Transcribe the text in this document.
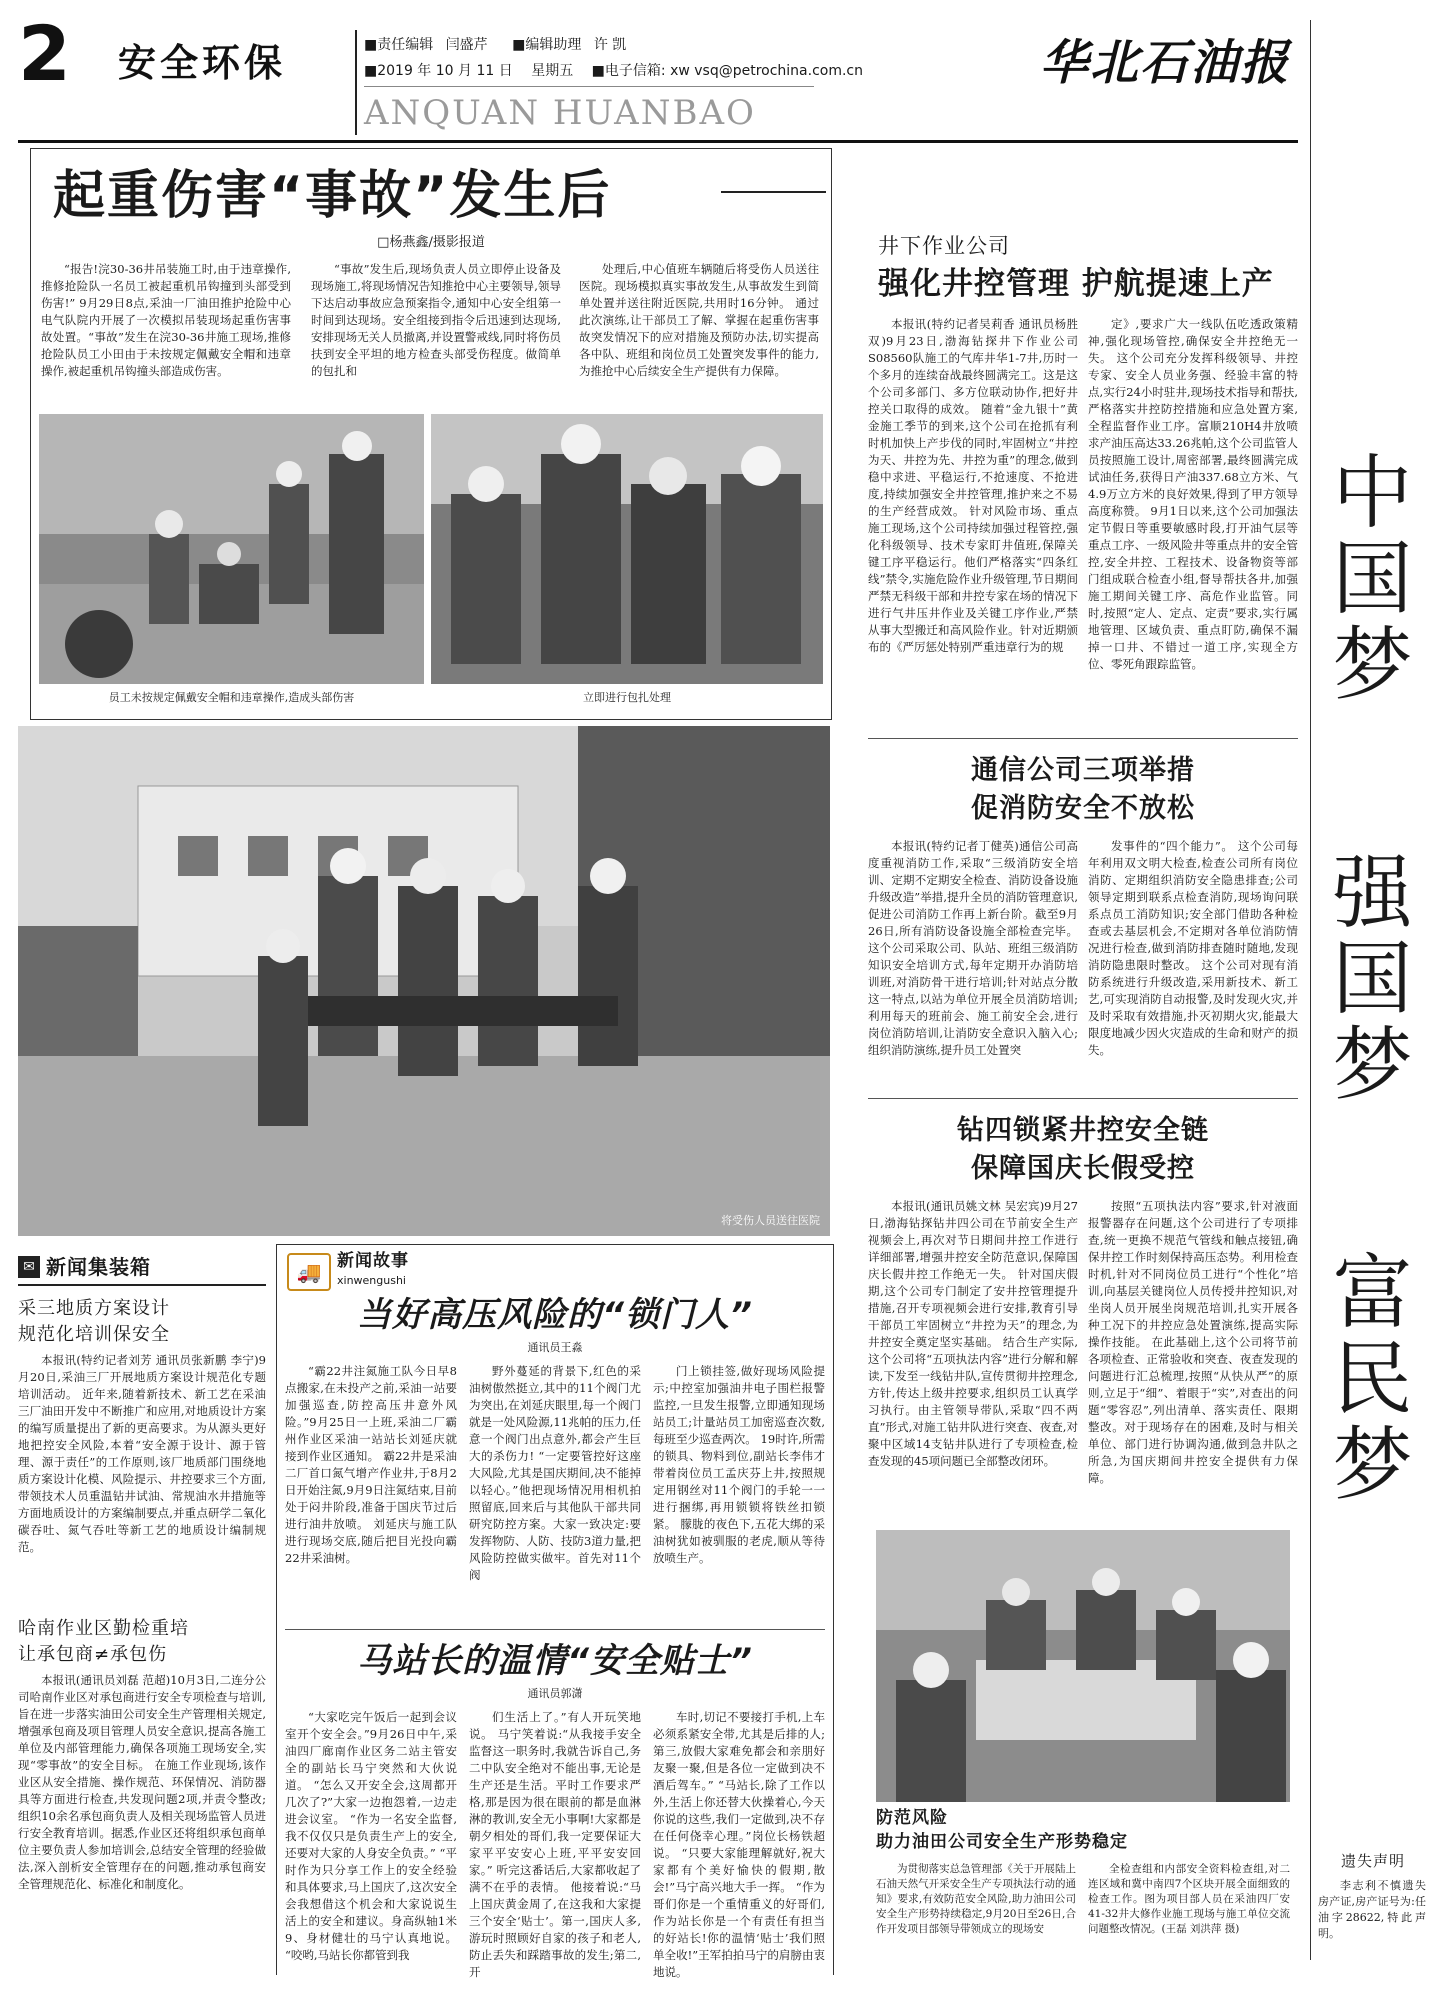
2	安全环保	■责任编辑 闫盛芹 ■编辑助理 许 凯
■2019 年 10 月 11 日 星期五 ■电子信箱: xw vsq@petrochina.com.cn
ANQUAN HUANBAO
华北石油报
起重伤害“事故”发生后
□杨燕鑫/摄影报道
“报告!浣30-36井吊装施工时,由于违章操作,推修抢险队一名员工被起重机吊钩撞到头部受到伤害!” 9月29日8点,采油一厂油田推护抢险中心电气队院内开展了一次模拟吊装现场起重伤害事故处置。“事故”发生在浣30-36井施工现场,推修抢险队员工小田由于未按规定佩戴安全帽和违章操作,被起重机吊钩撞头部造成伤害。
“事故”发生后,现场负责人员立即停止设备及现场施工,将现场情况告知推抢中心主要领导,领导下达启动事故应急预案指令,通知中心安全组第一时间到达现场。安全组接到指令后迅速到达现场,安排现场无关人员撤离,并设置警戒线,同时将伤员扶到安全平坦的地方检查头部受伤程度。做简单的包扎和
处理后,中心值班车辆随后将受伤人员送往医院。现场模拟真实事故发生,从事故发生到简单处置并送往附近医院,共用时16分钟。 通过此次演练,让干部员工了解、掌握在起重伤害事故突发情况下的应对措施及预防办法,切实提高各中队、班组和岗位员工处置突发事件的能力,为推抢中心后续安全生产提供有力保障。
员工未按规定佩戴安全帽和违章操作,造成头部伤害	立即进行包扎处理
将受伤人员送往医院
井下作业公司
强化井控管理 护航提速上产
本报讯(特约记者吴莉香 通讯员杨胜双)9月23日,渤海钻探井下作业公司S08560队施工的气库井华1-7井,历时一个多月的连续奋战最终圆满完工。这是这个公司多部门、多方位联动协作,把好井控关口取得的成效。 随着“金九银十”黄金施工季节的到来,这个公司在抢抓有利时机加快上产步伐的同时,牢固树立“井控为天、井控为先、井控为重”的理念,做到稳中求进、平稳运行,不抢速度、不抢进度,持续加强安全井控管理,推护来之不易的生产经营成效。 针对风险市场、重点施工现场,这个公司持续加强过程管控,强化科级领导、技术专家盯井值班,保障关键工序平稳运行。他们严格落实“四条红线”禁令,实施危险作业升级管理,节日期间严禁无科级干部和井控专家在场的情况下进行气井压井作业及关键工序作业,严禁从事大型搬迁和高风险作业。针对近期颁布的《严厉惩处特别严重违章行为的规
定》,要求广大一线队伍吃透政策精神,强化现场管控,确保安全井控绝无一失。 这个公司充分发挥科级领导、井控专家、安全人员业务强、经验丰富的特点,实行24小时驻井,现场技术指导和帮扶,严格落实井控防控措施和应急处置方案,全程监督作业工序。富顺210H4井放喷求产油压高达33.26兆帕,这个公司监管人员按照施工设计,周密部署,最终圆满完成试油任务,获得日产油337.68立方米、气4.9万立方米的良好效果,得到了甲方领导高度称赞。 9月1日以来,这个公司加强法定节假日等重要敏感时段,打开油气层等重点工序、一级风险井等重点井的安全管控,安全井控、工程技术、设备物资等部门组成联合检查小组,督导帮扶各井,加强施工期间关键工序、高危作业监管。同时,按照“定人、定点、定责”要求,实行属地管理、区域负责、重点盯防,确保不漏掉一口井、不错过一道工序,实现全方位、零死角跟踪监管。	中国梦
强国梦
富民梦
通信公司三项举措
促消防安全不放松
本报讯(特约记者丁健英)通信公司高度重视消防工作,采取“三级消防安全培训、定期不定期安全检查、消防设备设施升级改造”举措,提升全员的消防管理意识,促进公司消防工作再上新台阶。截至9月26日,所有消防设备设施全部检查完毕。 这个公司采取公司、队站、班组三级消防知识安全培训方式,每年定期开办消防培训班,对消防骨干进行培训;针对站点分散这一特点,以站为单位开展全员消防培训;利用每天的班前会、施工前安全会,进行岗位消防培训,让消防安全意识入脑入心;组织消防演练,提升员工处置突
发事件的“四个能力”。 这个公司每年利用双文明大检查,检查公司所有岗位消防、定期组织消防安全隐患排查;公司领导定期到联系点检查消防,现场询问联系点员工消防知识;安全部门借助各种检查或去基层机会,不定期对各单位消防情况进行检查,做到消防排查随时随地,发现消防隐患限时整改。 这个公司对现有消防系统进行升级改造,采用新技术、新工艺,可实现消防自动报警,及时发现火灾,并及时采取有效措施,扑灭初期火灾,能最大限度地减少因火灾造成的生命和财产的损失。
钻四锁紧井控安全链
保障国庆长假受控
本报讯(通讯员姚文林 吴宏宾)9月27日,渤海钻探钻井四公司在节前安全生产视频会上,再次对节日期间井控工作进行详细部署,增强井控安全防范意识,保障国庆长假井控工作绝无一失。 针对国庆假期,这个公司专门制定了安井控管理提升措施,召开专项视频会进行安排,教育引导干部员工牢固树立“井控为天”的理念,为井控安全奠定坚实基础。 结合生产实际,这个公司将“五项执法内容”进行分解和解读,下发至一线钻井队,宣传贯彻井控理念,方针,传达上级井控要求,组织员工认真学习执行。由主管领导带队,采取“四不两直”形式,对施工钻井队进行突查、夜查,对聚中区域14支钻井队进行了专项检查,检查发现的45项问题已全部整改闭环。
按照“五项执法内容”要求,针对液面报警器存在问题,这个公司进行了专项排查,统一更换不规范气管线和触点接钮,确保井控工作时刻保持高压态势。利用检查时机,针对不同岗位员工进行“个性化”培训,向基层关键岗位人员传授井控知识,对坐岗人员开展坐岗规范培训,扎实开展各种工况下的井控应急处置演练,提高实际操作技能。 在此基础上,这个公司将节前各项检查、正常验收和突查、夜查发现的问题进行汇总梳理,按照“从快从严”的原则,立足于“细”、着眼于“实”,对查出的问题“零容忍”,列出清单、落实责任、限期整改。对于现场存在的困难,及时与相关单位、部门进行协调沟通,做到急井队之所急,为国庆期间井控安全提供有力保障。
防范风险
助力油田公司安全生产形势稳定
为贯彻落实总急管理部《关于开展陆上石油天然气开采安全生产专项执法行动的通知》要求,有效防范安全风险,助力油田公司安全生产形势持续稳定,9月20日至26日,合作开发项目部领导带领成立的现场安
全检查组和内部安全资料检查组,对二连区域和冀中南四7个区块开展全面细致的检查工作。图为项目部人员在采油四厂安41-32井大修作业施工现场与施工单位交流问题整改情况。(王磊 刘洪萍 摄)
遗失声明
李志利不慎遗失房产证,房产证号为:任油字28622,特此声明。
✉ 新闻集装箱
采三地质方案设计
规范化培训保安全
本报讯(特约记者刘芳 通讯员张新鹏 李宁)9月20日,采油三厂开展地质方案设计规范化专题培训活动。 近年来,随着新技术、新工艺在采油三厂油田开发中不断推广和应用,对地质设计方案的编写质量提出了新的更高要求。为从源头更好地把控安全风险,本着“安全源于设计、源于管理、源于责任”的工作原则,该厂地质部门围绕地质方案设计化模、风险提示、井控要求三个方面,带领技术人员重温钻井试油、常规油水井措施等方面地质设计的方案编制要点,并重点研学二氧化碳吞吐、氮气吞吐等新工艺的地质设计编制规范。
哈南作业区勤检重培
让承包商≠承包伤
本报讯(通讯员刘磊 范超)10月3日,二连分公司哈南作业区对承包商进行安全专项检查与培训,旨在进一步落实油田公司安全生产管理相关规定,增强承包商及项目管理人员安全意识,提高各施工单位及内部管理能力,确保各项施工现场安全,实现“零事故”的安全目标。 在施工作业现场,该作业区从安全措施、操作规范、环保情况、消防器具等方面进行检查,共发现问题2项,并责令整改;组织10余名承包商负责人及相关现场监管人员进行安全教育培训。据悉,作业区还将组织承包商单位主要负责人参加培训会,总结安全管理的经验做法,深入剖析安全管理存在的问题,推动承包商安全管理规范化、标准化和制度化。
🚚 新闻故事
xinwengushi
当好高压风险的“锁门人”
通讯员王淼
“霸22井注氮施工队今日早8点搬家,在未投产之前,采油一站要加强巡查,防控高压井意外风险。”9月25日一上班,采油二厂霸州作业区采油一站站长刘延庆就接到作业区通知。 霸22井是采油二厂首口氮气增产作业井,于8月2日开始注氮,9月9日注氮结束,目前处于闷井阶段,准备于国庆节过后进行油井放喷。 刘延庆与施工队进行现场交底,随后把目光投向霸22井采油树。
野外蔓延的背景下,红色的采油树傲然挺立,其中的11个阀门尤为突出,在刘延庆眼里,每一个阀门就是一处风险源,11兆帕的压力,任意一个阀门出点意外,都会产生巨大的杀伤力! “一定要管控好这座大风险,尤其是国庆期间,决不能掉以轻心。”他把现场情况用相机拍照留底,回来后与其他队干部共同研究防控方案。大家一致决定:要发挥物防、人防、技防3道力量,把风险防控做实做牢。首先对11个阀
门上锁挂签,做好现场风险提示;中控室加强油井电子围栏报警监控,一旦发生报警,立即通知现场站员工;计量站员工加密巡查次数,每班至少巡查两次。 19时许,所需的锁具、物料到位,副站长李伟才带着岗位员工孟庆芬上井,按照规定用钢丝对11个阀门的手轮一一进行捆绑,再用锁锁将铁丝扣锁紧。 朦胧的夜色下,五花大绑的采油树犹如被驯服的老虎,顺从等待放喷生产。
马站长的温情“安全贴士”
通讯员郭潇
“大家吃完午饭后一起到会议室开个安全会。”9月26日中午,采油四厂廊南作业区务二站主管安全的副站长马宁突然和大伙说道。 “怎么又开安全会,这周都开几次了?”大家一边抱怨着,一边走进会议室。 “作为一名安全监督,我不仅仅只是负责生产上的安全,还要对大家的人身安全负责。” “平时作为只分享工作上的安全经验和具体要求,马上国庆了,这次安全会我想借这个机会和大家说说生活上的安全和建议。身高纵轴1米9、身材健壮的马宁认真地说。 “咬哟,马站长你都管到我
们生活上了。”有人开玩笑地说。 马宁笑着说:“从我接手安全监督这一职务时,我就告诉自己,务二中队安全绝对不能出事,无论是生产还是生活。平时工作要求严格,那是因为很在眼前的都是血淋淋的教训,安全无小事啊!大家都是朝夕相处的哥们,我一定要保证大家平平安安心上班,平平安安回家。” 听完这番话后,大家都收起了满不在乎的表情。 他接着说:“马上国庆黄金周了,在这我和大家提三个安全‘贴士’。第一,国庆人多,游玩时照顾好自家的孩子和老人,防止丢失和踩踏事故的发生;第二,开
车时,切记不要接打手机,上车必须系紧安全带,尤其是后排的人;第三,放假大家难免都会和亲朋好友聚一聚,但是各位一定做到决不酒后驾车。” “马站长,除了工作以外,生活上你还替大伙操着心,今天你说的这些,我们一定做到,决不存在任何侥幸心理。”岗位长杨铁超说。 “只要大家能理解就好,祝大家都有个美好愉快的假期,散会!”马宁高兴地大手一挥。 “作为哥们你是一个重情重义的好哥们,作为站长你是一个有责任有担当的好站长!你的温情‘贴士’我们照单全收!”王军拍拍马宁的肩膀由衷地说。
